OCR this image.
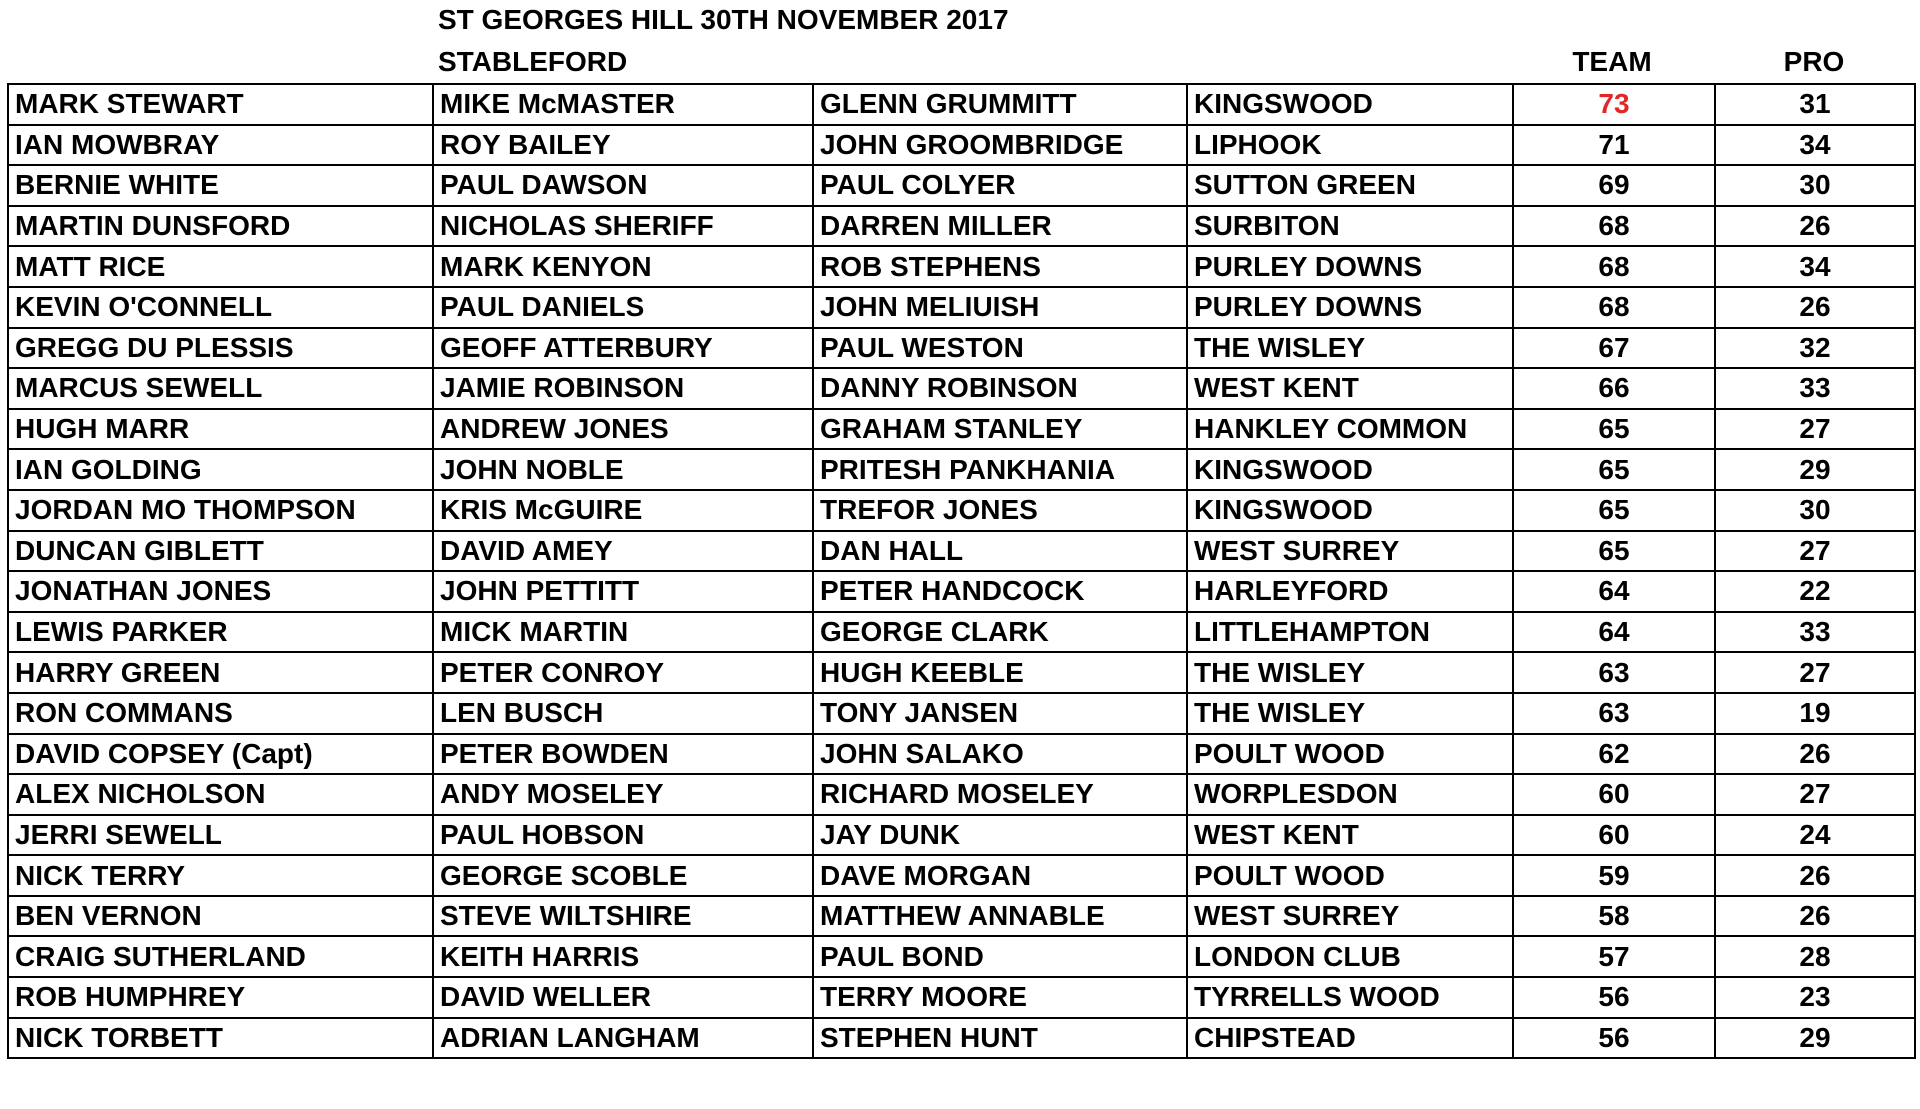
ST GEORGES HILL 30TH NOVEMBER 2017
STABLEFORD	TEAM	PRO
MARK STEWART	MIKE McMASTER	GLENN GRUMMITT	KINGSWOOD	73	31
IAN MOWBRAY	ROY BAILEY	JOHN GROOMBRIDGE	LIPHOOK	71	34
BERNIE WHITE	PAUL DAWSON	PAUL COLYER	SUTTON GREEN	69	30
MARTIN DUNSFORD	NICHOLAS SHERIFF	DARREN MILLER	SURBITON	68	26
MATT RICE	MARK KENYON	ROB STEPHENS	PURLEY DOWNS	68	34
KEVIN O'CONNELL	PAUL DANIELS	JOHN MELIUISH	PURLEY DOWNS	68	26
GREGG DU PLESSIS	GEOFF ATTERBURY	PAUL WESTON	THE WISLEY	67	32
MARCUS SEWELL	JAMIE ROBINSON	DANNY ROBINSON	WEST KENT	66	33
HUGH MARR	ANDREW JONES	GRAHAM STANLEY	HANKLEY COMMON	65	27
IAN GOLDING	JOHN NOBLE	PRITESH PANKHANIA	KINGSWOOD	65	29
JORDAN MO THOMPSON	KRIS McGUIRE	TREFOR JONES	KINGSWOOD	65	30
DUNCAN GIBLETT	DAVID AMEY	DAN HALL	WEST SURREY	65	27
JONATHAN JONES	JOHN PETTITT	PETER HANDCOCK	HARLEYFORD	64	22
LEWIS PARKER	MICK MARTIN	GEORGE CLARK	LITTLEHAMPTON	64	33
HARRY GREEN	PETER CONROY	HUGH KEEBLE	THE WISLEY	63	27
RON COMMANS	LEN BUSCH	TONY JANSEN	THE WISLEY	63	19
DAVID COPSEY (Capt)	PETER BOWDEN	JOHN SALAKO	POULT WOOD	62	26
ALEX NICHOLSON	ANDY MOSELEY	RICHARD MOSELEY	WORPLESDON	60	27
JERRI SEWELL	PAUL HOBSON	JAY DUNK	WEST KENT	60	24
NICK TERRY	GEORGE SCOBLE	DAVE MORGAN	POULT WOOD	59	26
BEN VERNON	STEVE WILTSHIRE	MATTHEW ANNABLE	WEST SURREY	58	26
CRAIG SUTHERLAND	KEITH HARRIS	PAUL BOND	LONDON CLUB	57	28
ROB HUMPHREY	DAVID WELLER	TERRY MOORE	TYRRELLS WOOD	56	23
NICK TORBETT	ADRIAN LANGHAM	STEPHEN HUNT	CHIPSTEAD	56	29
